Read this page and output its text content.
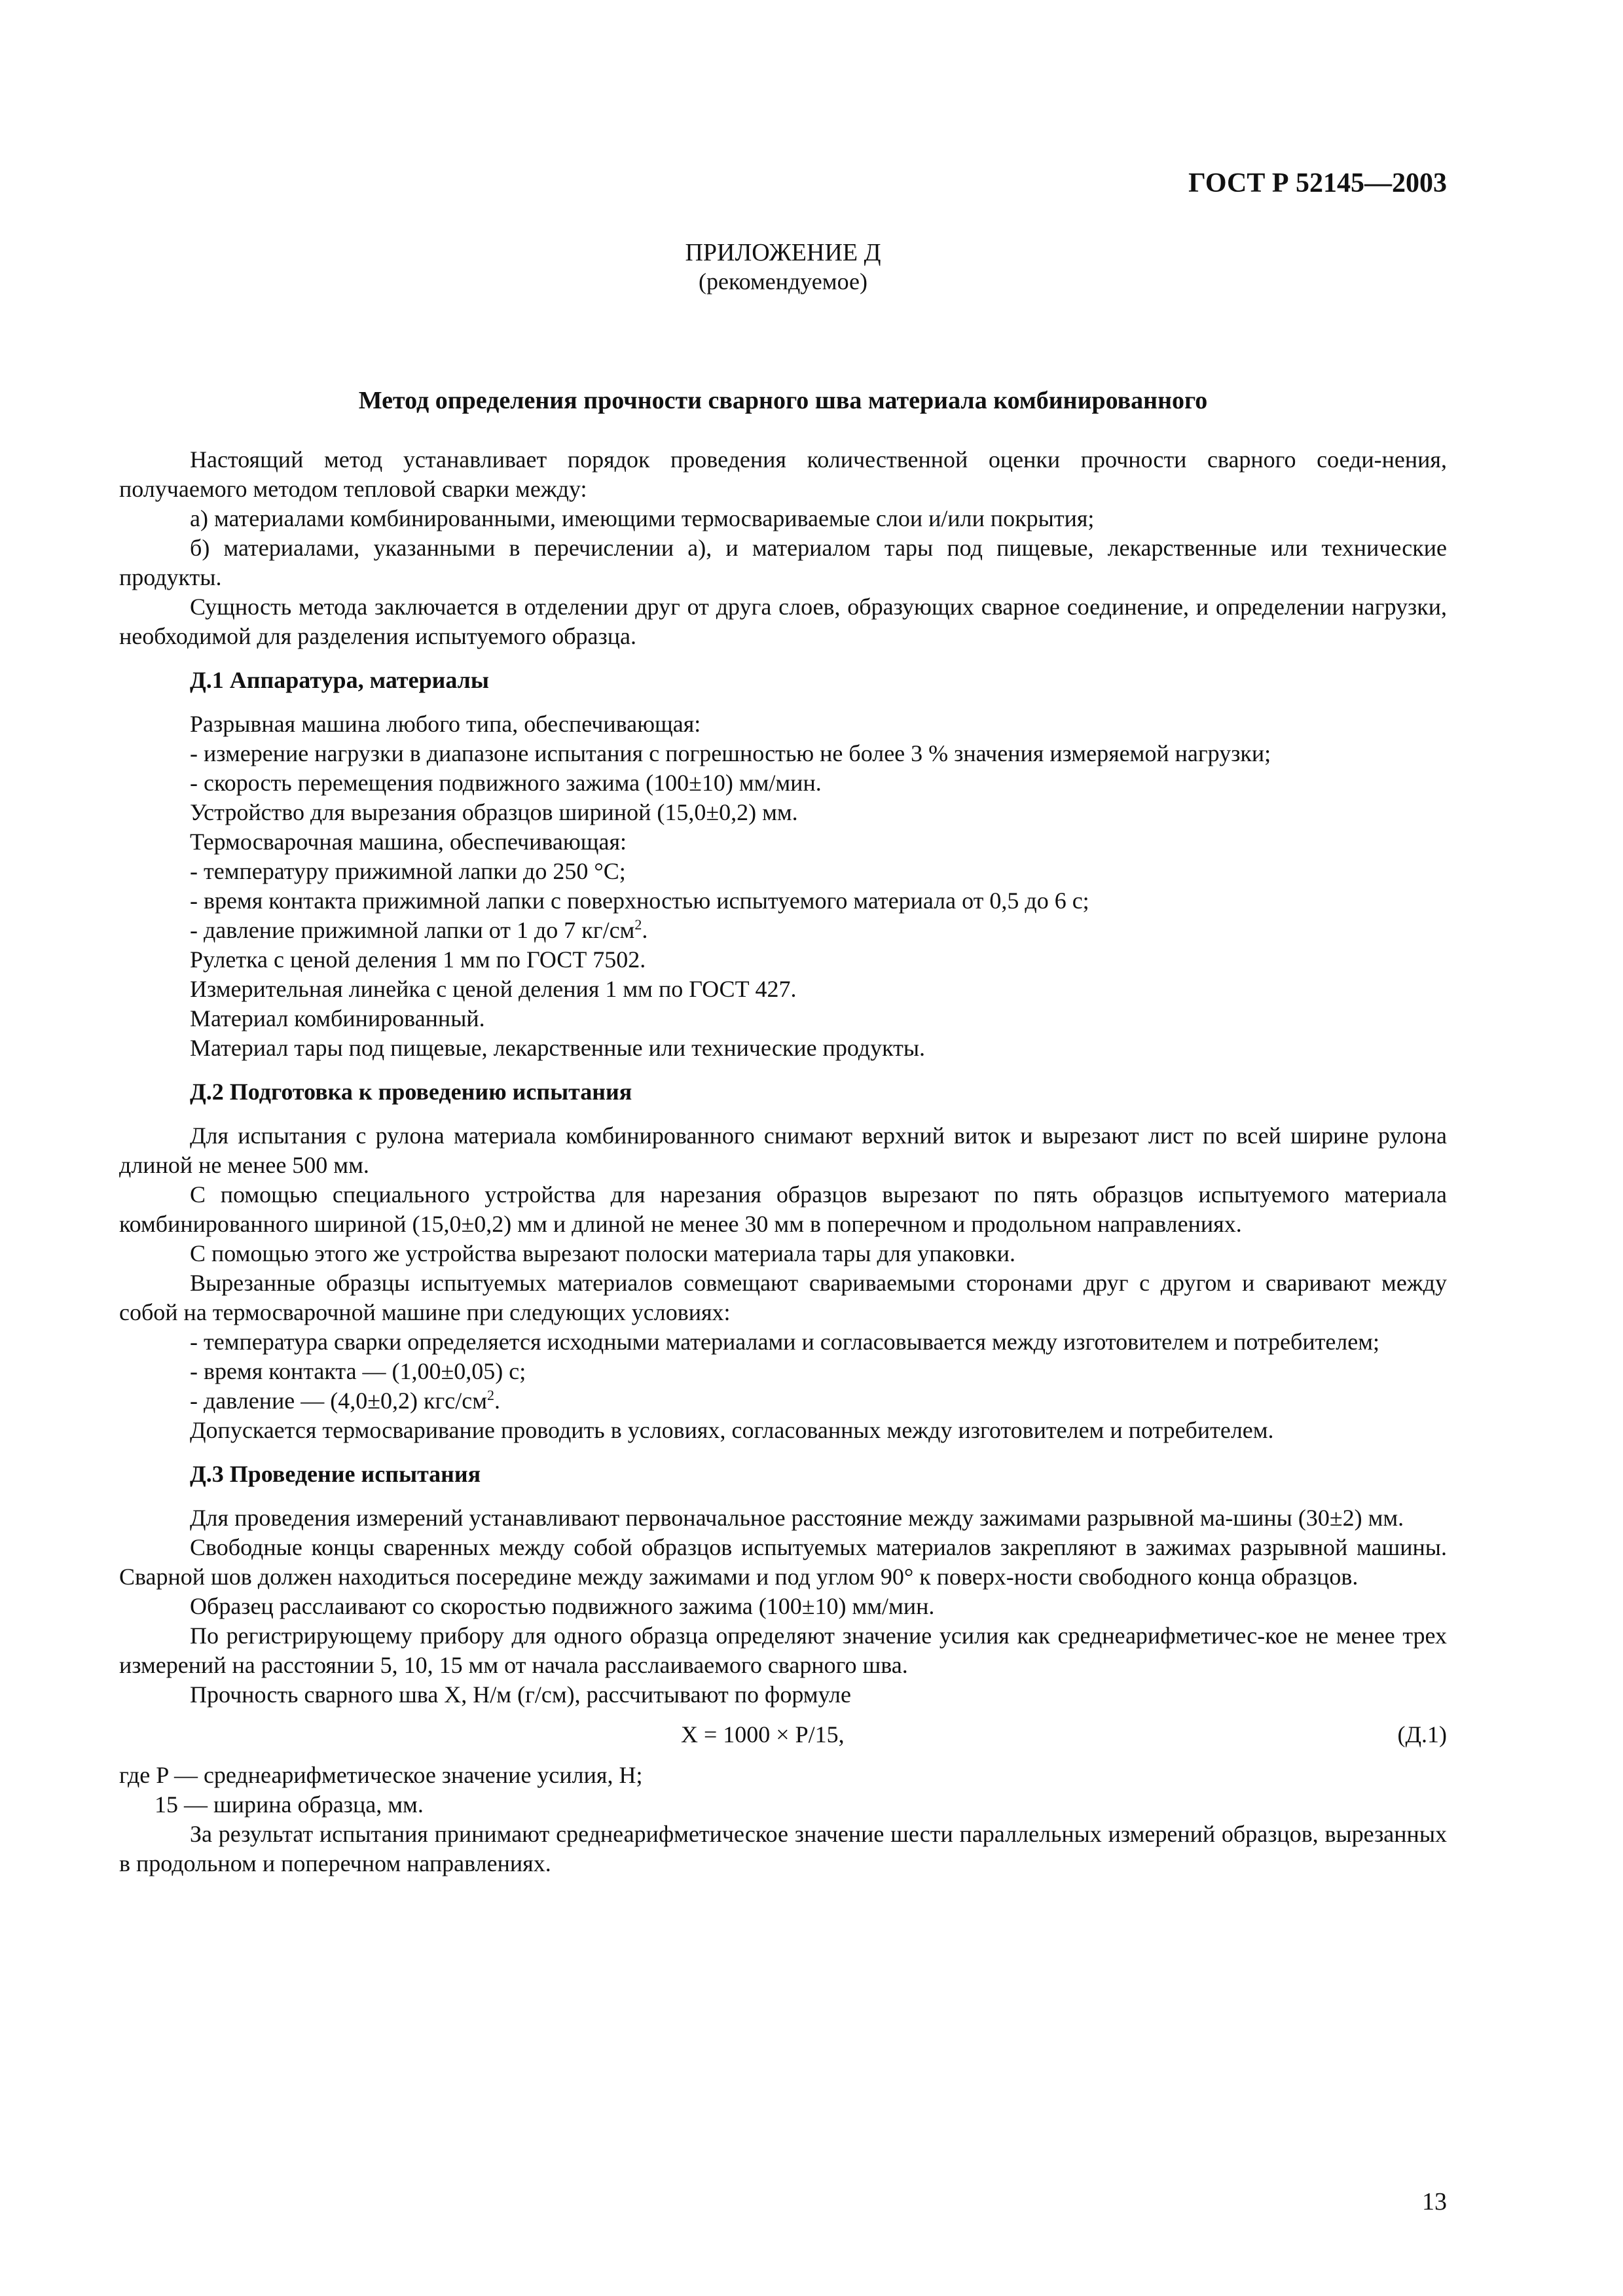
ГОСТ Р 52145—2003
ПРИЛОЖЕНИЕ Д
(рекомендуемое)
Метод определения прочности сварного шва материала комбинированного

Настоящий метод устанавливает порядок проведения количественной оценки прочности сварного соеди-нения, получаемого методом тепловой сварки между:

а) материалами комбинированными, имеющими термосвариваемые слои и/или покрытия;

б) материалами, указанными в перечислении а), и материалом тары под пищевые, лекарственные или технические продукты.

Сущность метода заключается в отделении друг от друга слоев, образующих сварное соединение, и определении нагрузки, необходимой для разделения испытуемого образца.

Д.1 Аппаратура, материалы

Разрывная машина любого типа, обеспечивающая:

- измерение нагрузки в диапазоне испытания с погрешностью не более 3 % значения измеряемой нагрузки;

- скорость перемещения подвижного зажима (100±10) мм/мин.

Устройство для вырезания образцов шириной (15,0±0,2) мм.

Термосварочная машина, обеспечивающая:

- температуру прижимной лапки до 250 °С;

- время контакта прижимной лапки с поверхностью испытуемого материала от 0,5 до 6 с;

- давление прижимной лапки от 1 до 7 $кг/см^2$.

Рулетка с ценой деления 1 мм по ГОСТ 7502.

Измерительная линейка с ценой деления 1 мм по ГОСТ 427.

Материал комбинированный.

Материал тары под пищевые, лекарственные или технические продукты.

Д.2 Подготовка к проведению испытания

Для испытания с рулона материала комбинированного снимают верхний виток и вырезают лист по всей ширине рулона длиной не менее 500 мм.

С помощью специального устройства для нарезания образцов вырезают по пять образцов испытуемого материала комбинированного шириной (15,0±0,2) мм и длиной не менее 30 мм в поперечном и продольном направлениях.

С помощью этого же устройства вырезают полоски материала тары для упаковки.

Вырезанные образцы испытуемых материалов совмещают свариваемыми сторонами друг с другом и сваривают между собой на термосварочной машине при следующих условиях:

- температура сварки определяется исходными материалами и согласовывается между изготовителем и потребителем;

- время контакта — (1,00±0,05) с;

- давление — (4,0±0,2) кгс/$см^2$.

Допускается термосваривание проводить в условиях, согласованных между изготовителем и потребителем.

Д.3 Проведение испытания

Для проведения измерений устанавливают первоначальное расстояние между зажимами разрывной ма-шины (30±2) мм.

Свободные концы сваренных между собой образцов испытуемых материалов закрепляют в зажимах разрывной машины. Сварной шов должен находиться посередине между зажимами и под углом 90° к поверх-ности свободного конца образцов.

Образец расслаивают со скоростью подвижного зажима (100±10) мм/мин.

По регистрирующему прибору для одного образца определяют значение усилия как среднеарифметичес-кое не менее трех измерений на расстоянии 5, 10, 15 мм от начала расслаиваемого сварного шва.

Прочность сварного шва X, Н/м (г/см), рассчитывают по формуле

X = 1000 × P/15,	(Д.1)

где P — среднеарифметическое значение усилия, Н;

15 — ширина образца, мм.

За результат испытания принимают среднеарифметическое значение шести параллельных измерений образцов, вырезанных в продольном и поперечном направлениях.

13
